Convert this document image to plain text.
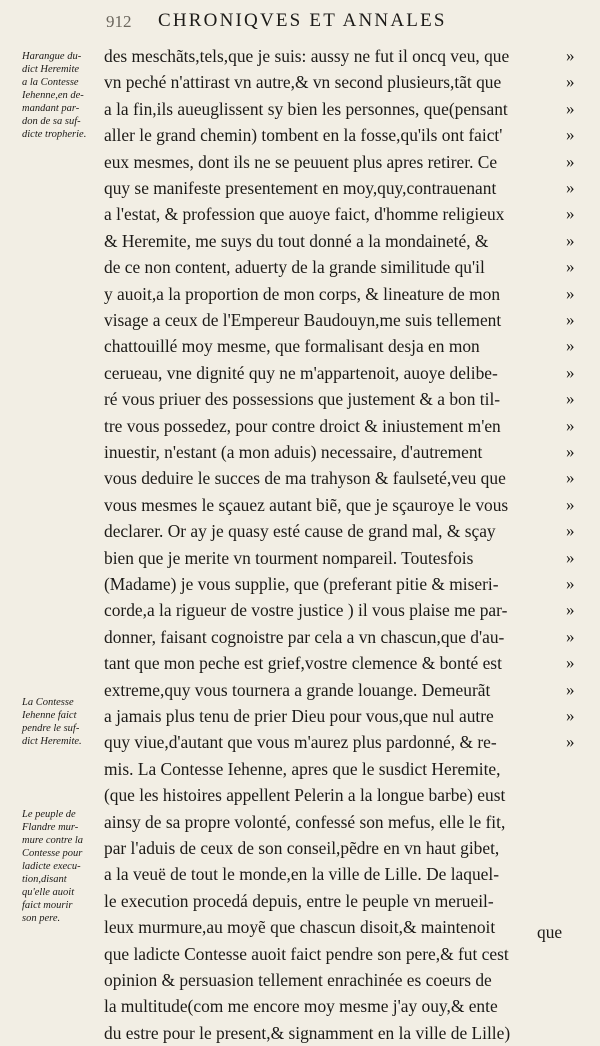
912 CHRONIQVES ET ANNALES
Harangue du-
dict Heremite
a la Contesse
Iehenne,en de-
mandant par-
don de sa suf-
dicte tropherie.
La Contesse
Iehenne faict
pendre le suf-
dict Heremite.
Le peuple de
Flandre mur-
mure contre la
Contesse pour
ladicte execu-
tion,disant
qu'elle auoit
faict mourir
son pere.
des meschãts,tels,que je suis: aussy ne fut il oncq veu, que	»
vn peché n'attirast vn autre,& vn second plusieurs,tãt que	»
a la fin,ils aueuglissent sy bien les personnes, que(pensant	»
aller le grand chemin) tombent en la fosse,qu'ils ont faict'	»
eux mesmes, dont ils ne se peuuent plus apres retirer. Ce	»
quy se manifeste presentement en moy,quy,contrauenant	»
a l'estat, & profession que auoye faict, d'homme religieux	»
& Heremite, me suys du tout donné a la mondaineté, &	»
de ce non content, aduerty de la grande similitude qu'il	»
y auoit,a la proportion de mon corps, & lineature de mon	»
visage a ceux de l'Empereur Baudouyn,me suis tellement	»
chattouillé moy mesme, que formalisant desja en mon	»
cerueau, vne dignité quy ne m'appartenoit, auoye delibe-	»
ré vous priuer des possessions que justement & a bon til-	»
tre vous possedez, pour contre droict & iniustement m'en	»
inuestir, n'estant (a mon aduis) necessaire, d'autrement	»
vous deduire le succes de ma trahyson & faulseté,veu que	»
vous mesmes le sçauez autant biẽ, que je sçauroye le vous	»
declarer. Or ay je quasy esté cause de grand mal, & sçay	»
bien que je merite vn tourment nompareil. Toutesfois	»
(Madame) je vous supplie, que (preferant pitie & miseri-	»
corde,a la rigueur de vostre justice ) il vous plaise me par-	»
donner, faisant cognoistre par cela a vn chascun,que d'au-	»
tant que mon peche est grief,vostre clemence & bonté est	»
extreme,quy vous tournera a grande louange. Demeurãt	»
a jamais plus tenu de prier Dieu pour vous,que nul autre	»
quy viue,d'autant que vous m'aurez plus pardonné, & re-	»
mis. La Contesse Iehenne, apres que le susdict Heremite,
(que les histoires appellent Pelerin a la longue barbe) eust
ainsy de sa propre volonté, confessé son mefus, elle le fit,
par l'aduis de ceux de son conseil,pẽdre en vn haut gibet,
a la veuë de tout le monde,en la ville de Lille. De laquel-
le execution procedá depuis, entre le peuple vn merueil-
leux murmure,au moyẽ que chascun disoit,& maintenoit
que ladicte Contesse auoit faict pendre son pere,& fut cest
opinion & persuasion tellement enrachinée es coeurs de
la multitude(com me encore moy mesme j'ay ouy,& ente
du estre pour le present,& signamment en la ville de Lille)
que
